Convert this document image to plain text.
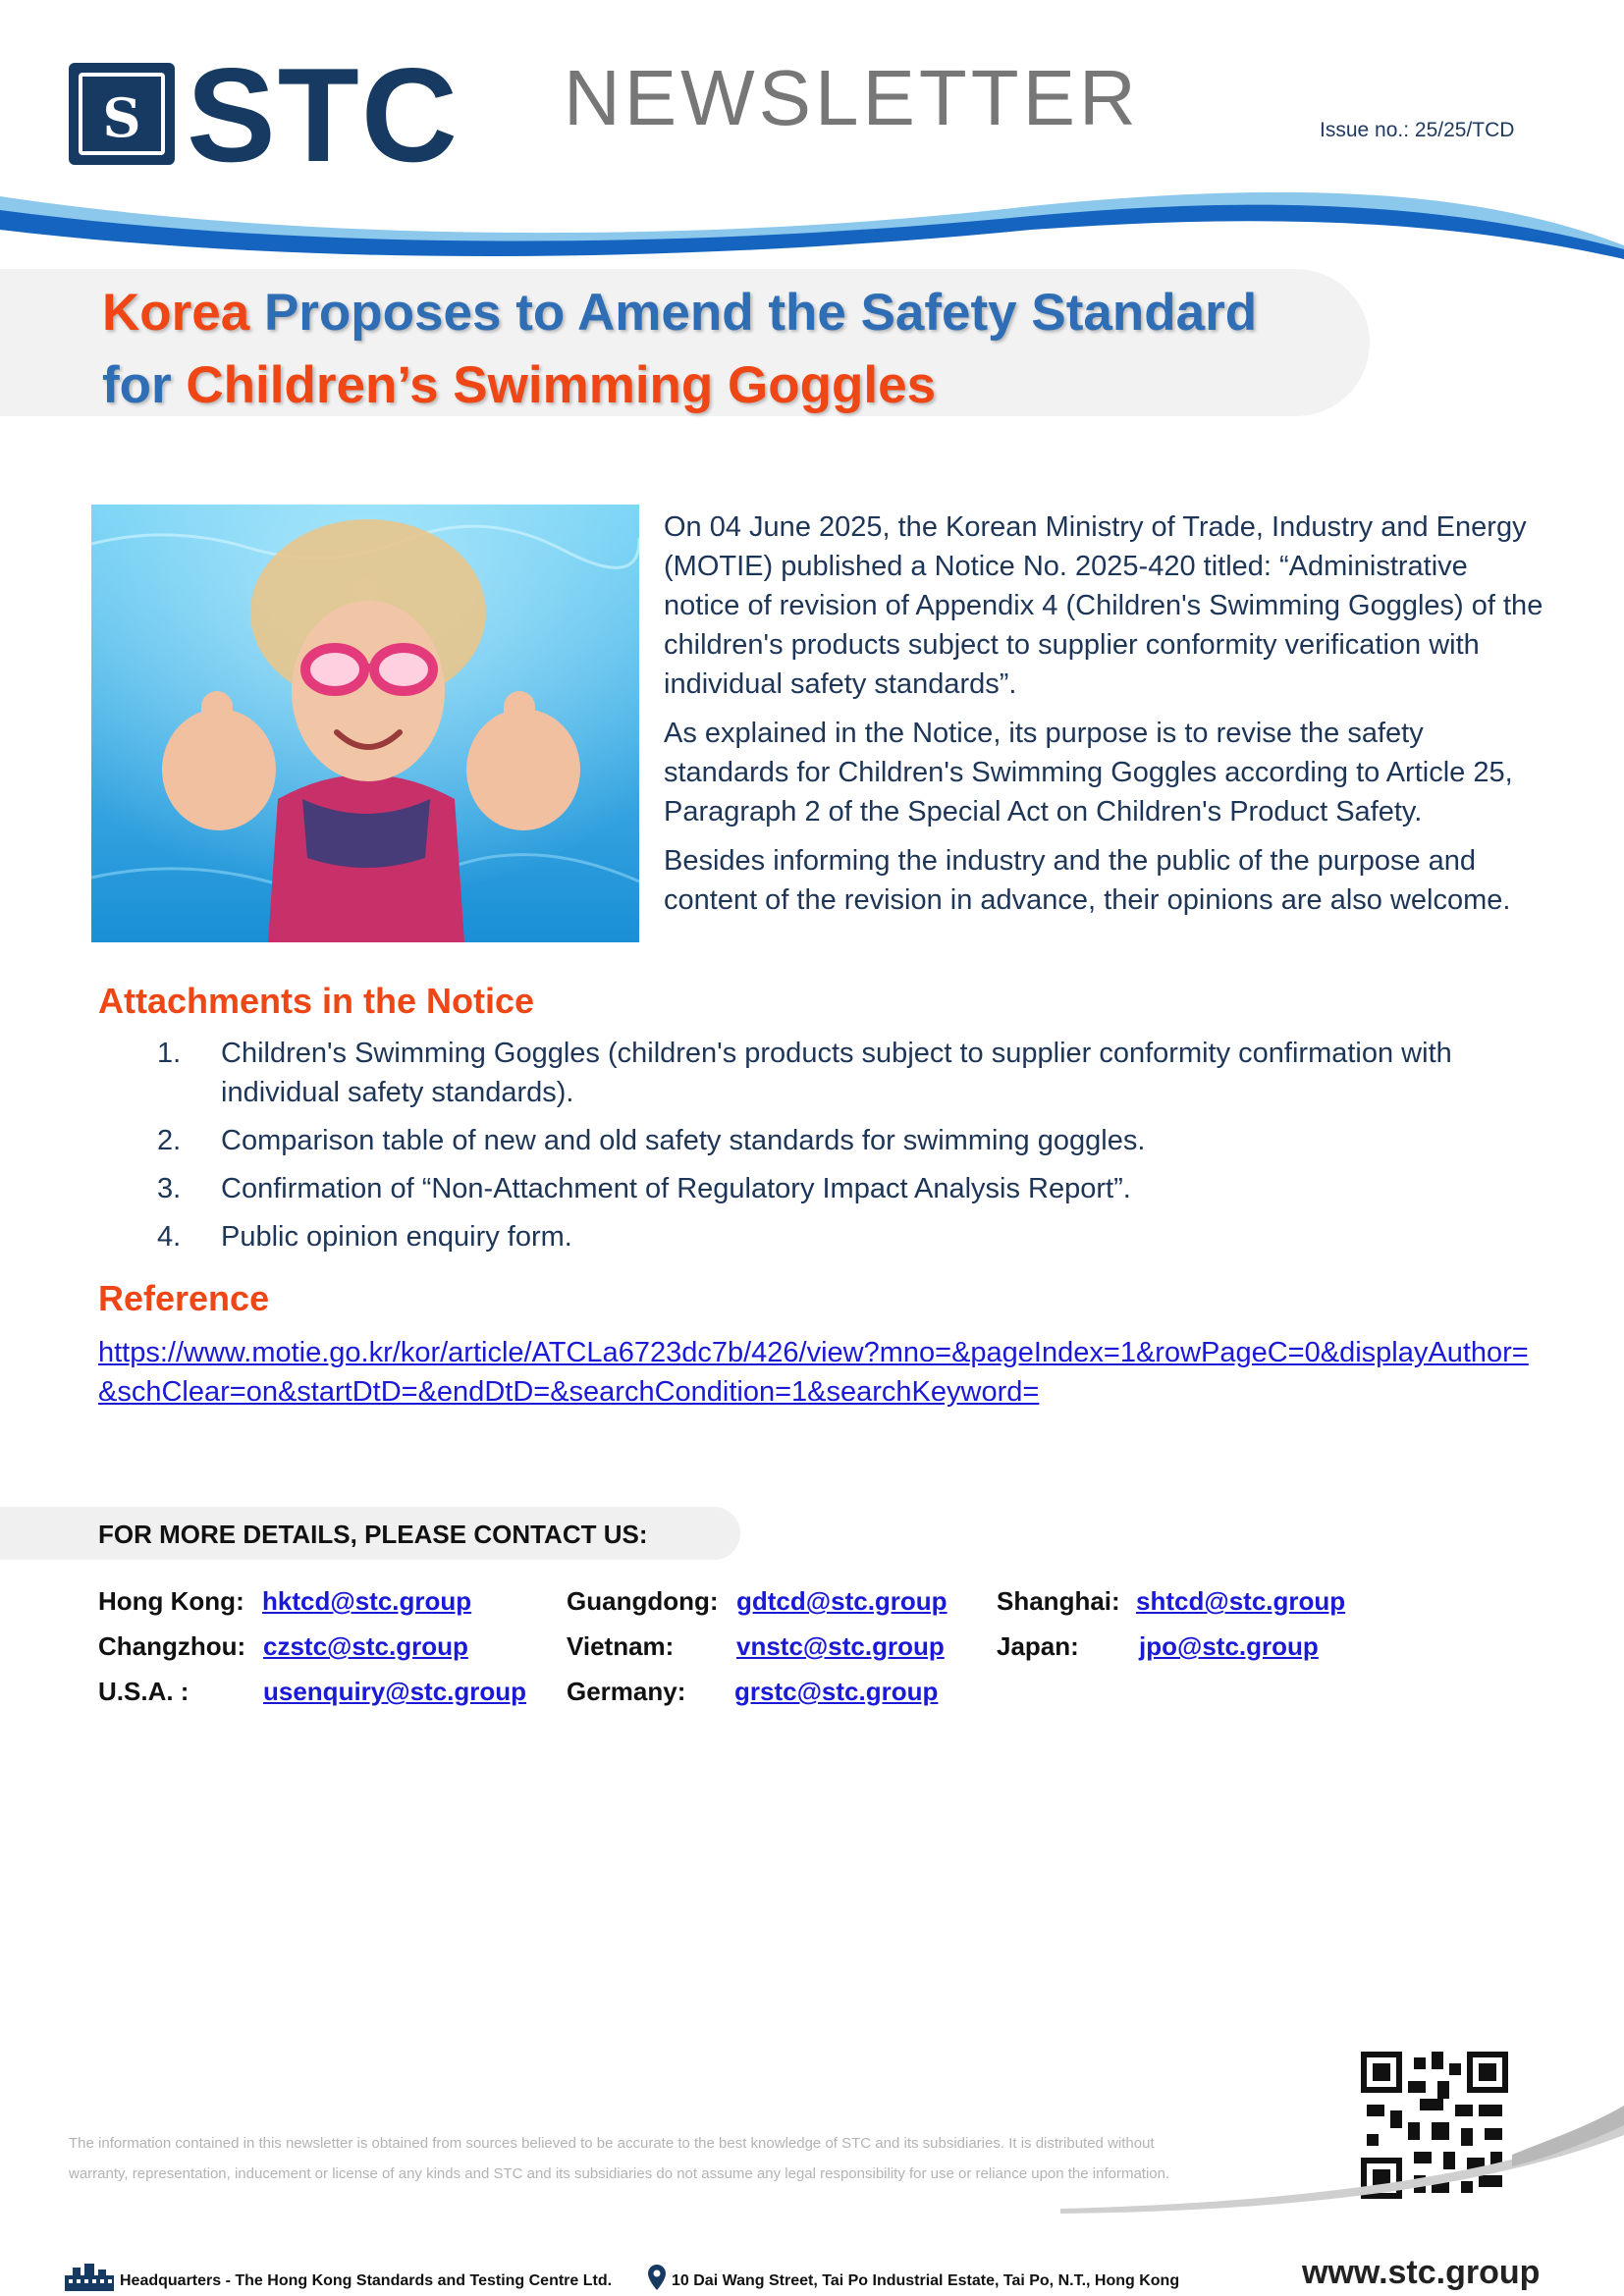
S STC NEWSLETTER	Issue no.: 25/25/TCD
Korea Proposes to Amend the Safety Standard
for Children’s Swimming Goggles

On 04 June 2025, the Korean Ministry of Trade, Industry and Energy (MOTIE) published a Notice No. 2025-420 titled: “Administrative notice of revision of Appendix 4 (Children's Swimming Goggles) of the children's products subject to supplier conformity verification with individual safety standards”.

As explained in the Notice, its purpose is to revise the safety standards for Children's Swimming Goggles according to Article 25, Paragraph 2 of the Special Act on Children's Product Safety.

Besides informing the industry and the public of the purpose and content of the revision in advance, their opinions are also welcome.

Attachments in the Notice
1. Children's Swimming Goggles (children's products subject to supplier conformity confirmation with individual safety standards).
2. Comparison table of new and old safety standards for swimming goggles.
3. Confirmation of “Non-Attachment of Regulatory Impact Analysis Report”.
4. Public opinion enquiry form.
Reference
https://www.motie.go.kr/kor/article/ATCLa6723dc7b/426/view?mno=&pageIndex=1&rowPageC=0&displayAuthor=&schClear=on&startDtD=&endDtD=&searchCondition=1&searchKeyword=
FOR MORE DETAILS, PLEASE CONTACT US:
Hong Kong: hktcd@stc.group	Guangdong: gdtcd@stc.group Shanghai: shtcd@stc.group
Changzhou: czstc@stc.group	Vietnam: vnstc@stc.group Japan: jpo@stc.group
U.S.A. :	usenquiry@stc.group Germany: grstc@stc.group
The information contained in this newsletter is obtained from sources believed to be accurate to the best knowledge of STC and its subsidiaries. It is distributed without
warranty, representation, inducement or license of any kinds and STC and its subsidiaries do not assume any legal responsibility for use or reliance upon the information.
Headquarters - The Hong Kong Standards and Testing Centre Ltd.	10 Dai Wang Street, Tai Po Industrial Estate, Tai Po, N.T., Hong Kong	www.stc.group
